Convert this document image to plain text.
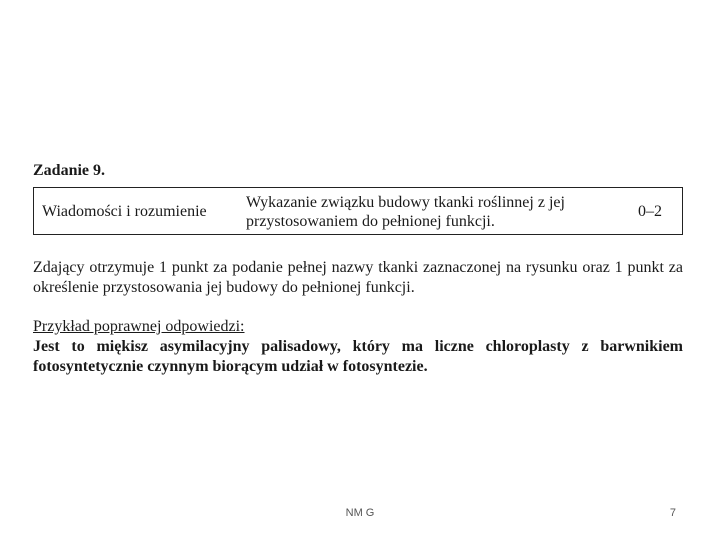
Zadanie 9.
Wiadomości i rozumienie
Wykazanie związku budowy tkanki roślinnej z jej przystosowaniem do pełnionej funkcji.
0–2

Zdający otrzymuje 1 punkt za podanie pełnej nazwy tkanki zaznaczonej na rysunku oraz 1 punkt za określenie przystosowania jej budowy do pełnionej funkcji.

Przykład poprawnej odpowiedzi:

Jest to miękisz asymilacyjny palisadowy, który ma liczne chloroplasty z barwnikiem fotosyntetycznie czynnym biorącym udział w fotosyntezie.

NM G	7
